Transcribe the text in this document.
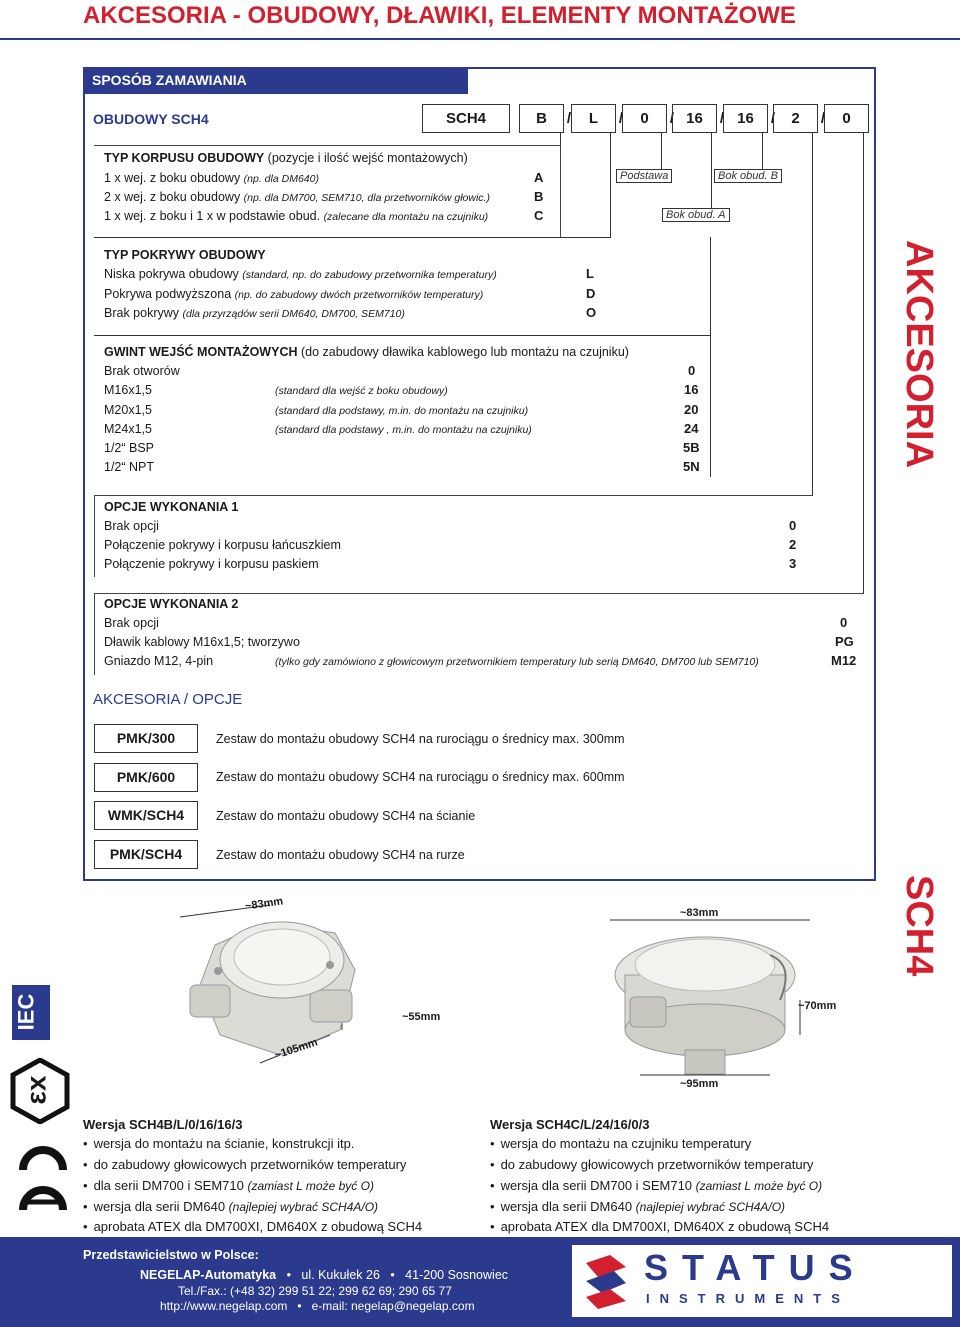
AKCESORIA - OBUDOWY, DŁAWIKI, ELEMENTY MONTAŻOWE
SPOSÓB ZAMAWIANIA
OBUDOWY SCH4	SCH4	B	/	L	/	0	/ 16	/ 16	/	2	/	0
Podstawa	Bok obud. B
Bok obud. A
TYP KORPUSU OBUDOWY (pozycje i ilość wejść montażowych)
1 x wej. z boku obudowy (np. dla DM640)	A
2 x wej. z boku obudowy (np. dla DM700, SEM710, dla przetworników głowic.)	B
1 x wej. z boku i 1 x w podstawie obud. (zalecane dla montażu na czujniku)	C
TYP POKRYWY OBUDOWY
Niska pokrywa obudowy (standard, np. do zabudowy przetwornika temperatury)	L
Pokrywa podwyższona (np. do zabudowy dwóch przetworników temperatury)	D
Brak pokrywy (dla przyrządów serii DM640, DM700, SEM710)	O
GWINT WEJŚĆ MONTAŻOWYCH (do zabudowy dławika kablowego lub montażu na czujniku)
Brak otworów	0
M16x1,5	(standard dla wejść z boku obudowy)	16
M20x1,5	(standard dla podstawy, m.in. do montażu na czujniku)	20
M24x1,5	(standard dla podstawy , m.in. do montażu na czujniku)	24
1/2“ BSP	5B
1/2“ NPT	5N
OPCJE WYKONANIA 1
Brak opcji	0
Połączenie pokrywy i korpusu łańcuszkiem	2
Połączenie pokrywy i korpusu paskiem	3
OPCJE WYKONANIA 2
Brak opcji	0
Dławik kablowy M16x1,5; tworzywo	PG
Gniazdo M12, 4-pin	(tylko gdy zamówiono z głowicowym przetwornikiem temperatury lub serią DM640, DM700 lub SEM710)	M12
AKCESORIA / OPCJE
PMK/300	Zestaw do montażu obudowy SCH4 na rurociągu o średnicy max. 300mm
PMK/600	Zestaw do montażu obudowy SCH4 na rurociągu o średnicy max. 600mm
WMK/SCH4	Zestaw do montażu obudowy SCH4 na ścianie
PMK/SCH4	Zestaw do montażu obudowy SCH4 na rurze
AKCESORIA
SCH4
~83mm
~55mm
~105mm
~83mm
~70mm
~95mm
IEC
εx
Wersja SCH4B/L/0/16/16/3
• wersja do montażu na ścianie, konstrukcji itp.
• do zabudowy głowicowych przetworników temperatury
• dla serii DM700 i SEM710 (zamiast L może być O)
• wersja dla serii DM640 (najlepiej wybrać SCH4A/O)
• aprobata ATEX dla DM700XI, DM640X z obudową SCH4
Wersja SCH4C/L/24/16/0/3
• wersja do montażu na czujniku temperatury
• do zabudowy głowicowych przetworników temperatury
• wersja dla serii DM700 i SEM710 (zamiast L może być O)
• wersja dla serii DM640 (najlepiej wybrać SCH4A/O)
• aprobata ATEX dla DM700XI, DM640X z obudową SCH4
Przedstawicielstwo w Polsce:
NEGELAP-Automatyka   •   ul. Kukułek 26   •   41-200 Sosnowiec
Tel./Fax.: (+48 32) 299 51 22; 299 62 69; 290 65 77
http://www.negelap.com   •   e-mail: negelap@negelap.com
STATUS
INSTRUMENTS
